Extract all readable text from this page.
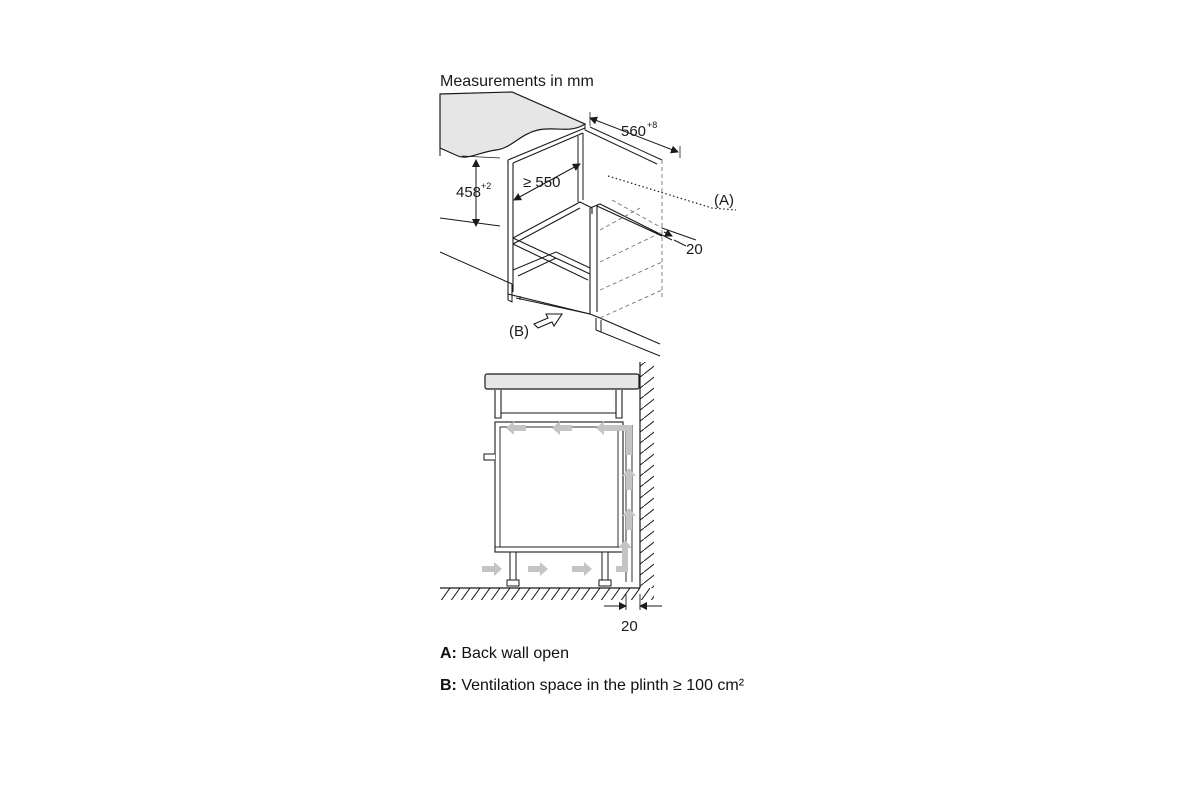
Measurements in mm
(A)
458 +2 ≥ 550
560 +8
20
(B)
20
A: Back wall open
B: Ventilation space in the plinth ≥ 100 cm²
